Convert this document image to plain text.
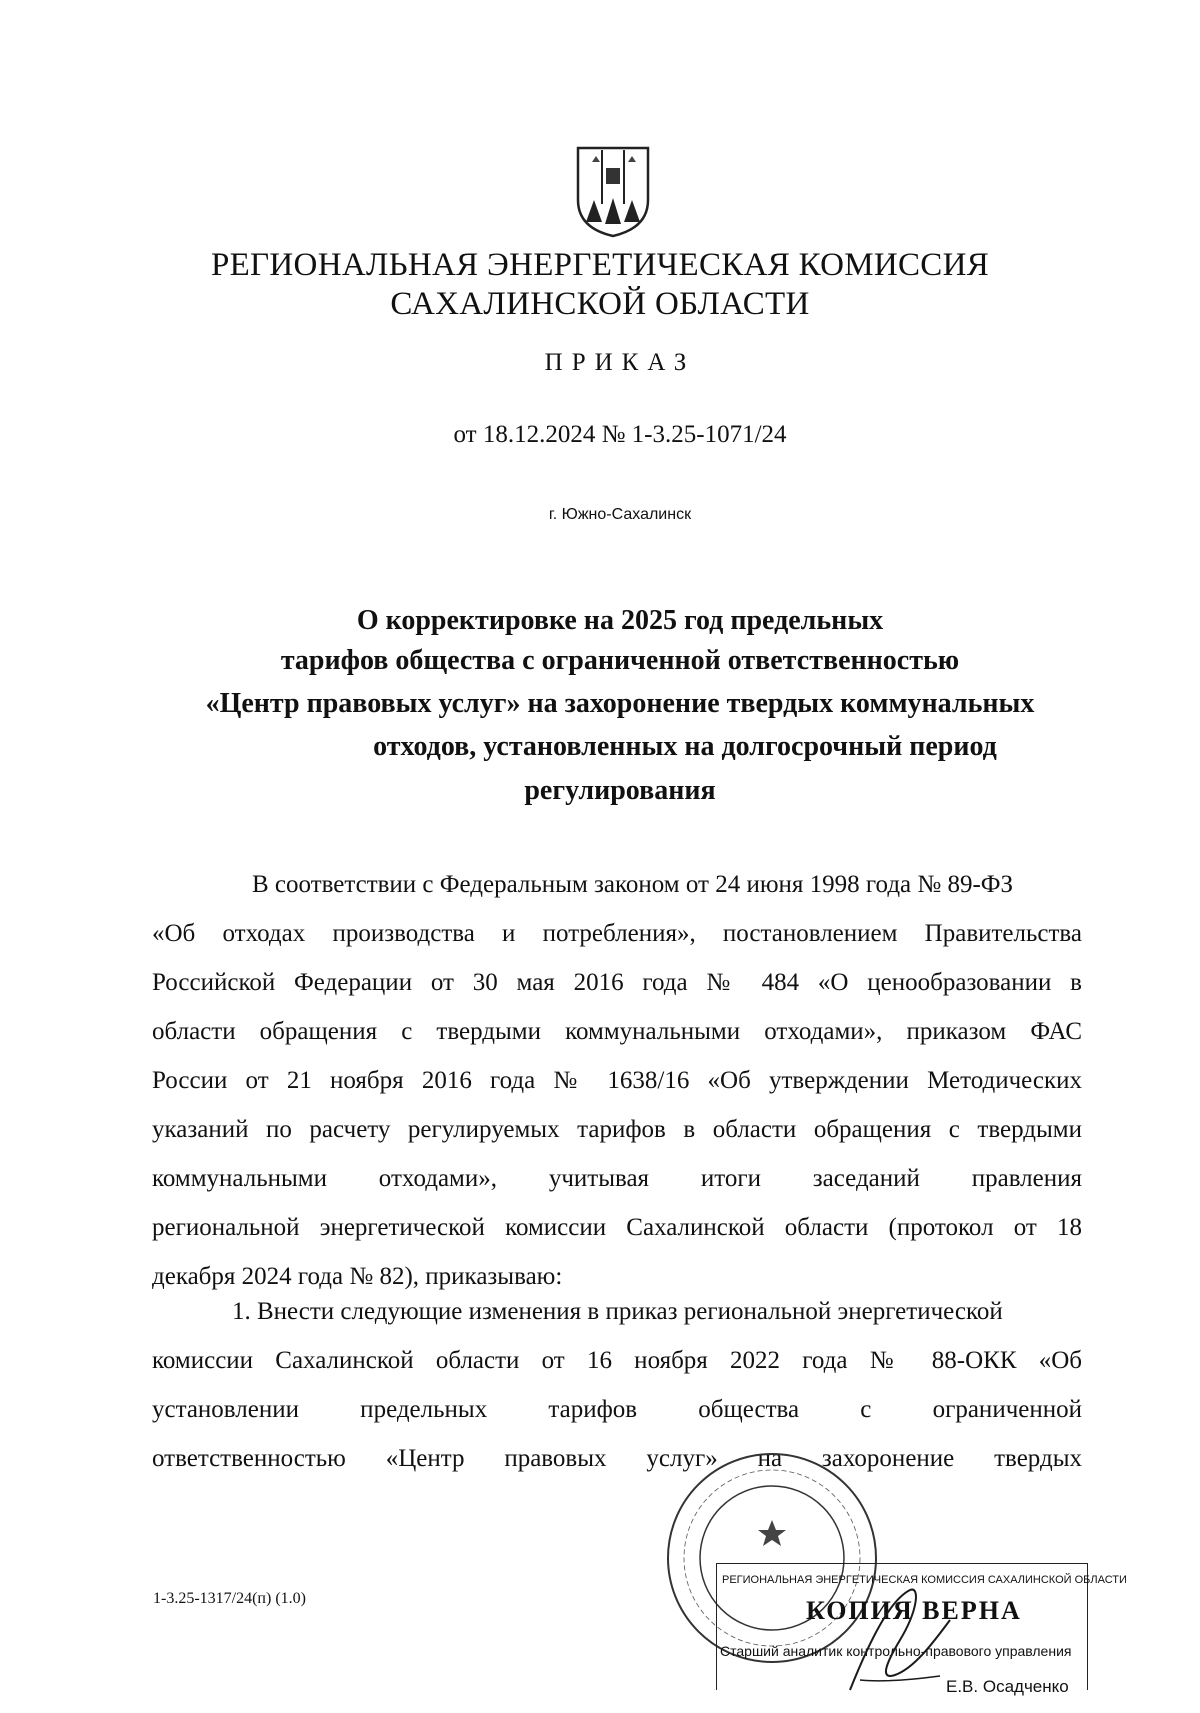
РЕГИОНАЛЬНАЯ ЭНЕРГЕТИЧЕСКАЯ КОМИССИЯ
САХАЛИНСКОЙ ОБЛАСТИ
ПРИКАЗ
от 18.12.2024 № 1-3.25-1071/24
г. Южно-Сахалинск
О корректировке на 2025 год предельных
тарифов общества с ограниченной ответственностью
«Центр правовых услуг» на захоронение твердых коммунальных
отходов, установленных на долгосрочный период
регулирования
В соответствии с Федеральным законом от 24 июня 1998 года № 89-ФЗ
«Об отходах производства и потребления», постановлением Правительства
Российской Федерации от 30 мая 2016 года № 484 «О ценообразовании в
области обращения с твердыми коммунальными отходами», приказом ФАС
России от 21 ноября 2016 года № 1638/16 «Об утверждении Методических
указаний по расчету регулируемых тарифов в области обращения с твердыми
коммунальными отходами», учитывая итоги заседаний правления
региональной энергетической комиссии Сахалинской области (протокол от 18
декабря 2024 года № 82), приказываю:
1. Внести следующие изменения в приказ региональной энергетической
комиссии Сахалинской области от 16 ноября 2022 года № 88-ОКК «Об
установлении предельных тарифов общества с ограниченной
ответственностью «Центр правовых услуг» на захоронение твердых
1-3.25-1317/24(п) (1.0)
РЕГИОНАЛЬНАЯ ЭНЕРГЕТИЧЕСКАЯ КОМИССИЯ САХАЛИНСКОЙ ОБЛАСТИ
КОПИЯ ВЕРНА
Старший аналитик контрольно-правового управления
Е.В. Осадченко
